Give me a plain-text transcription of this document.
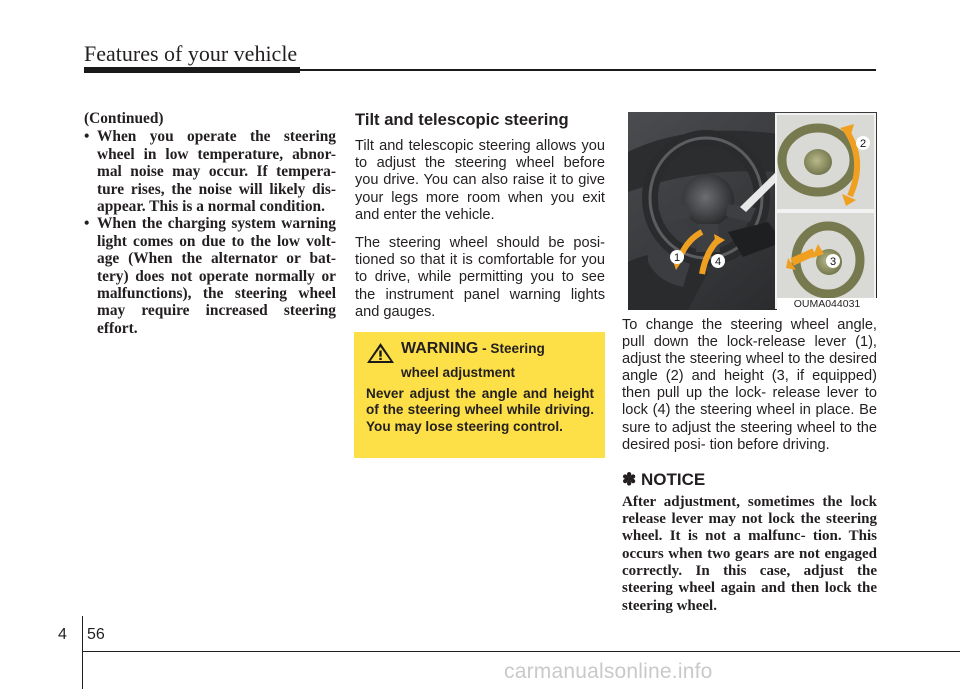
Features of your vehicle

(Continued)

• When you operate the steering wheel in low temperature, abnor- mal noise may occur. If tempera- ture rises, the noise will likely dis- appear. This is a normal condition.
• When the charging system warning light comes on due to the low volt- age (When the alternator or bat- tery) does not operate normally or malfunctions), the steering wheel may require increased steering effort.
Tilt and telescopic steering

Tilt and telescopic steering allows you to adjust the steering wheel before you drive. You can also raise it to give your legs more room when you exit and enter the vehicle.

The steering wheel should be posi- tioned so that it is comfortable for you to drive, while permitting you to see the instrument panel warning lights and gauges.

WARNING - Steering
wheel adjustment
Never adjust the angle and height of the steering wheel while driving. You may lose steering control.
1	4
2
3
OUMA044031

To change the steering wheel angle, pull down the lock-release lever (1), adjust the steering wheel to the desired angle (2) and height (3, if equipped) then pull up the lock- release lever to lock (4) the steering wheel in place. Be sure to adjust the steering wheel to the desired posi- tion before driving.

✽ NOTICE

After adjustment, sometimes the lock release lever may not lock the steering wheel. It is not a malfunc- tion. This occurs when two gears are not engaged correctly. In this case, adjust the steering wheel again and then lock the steering wheel.

4 56
carmanualsonline.info
